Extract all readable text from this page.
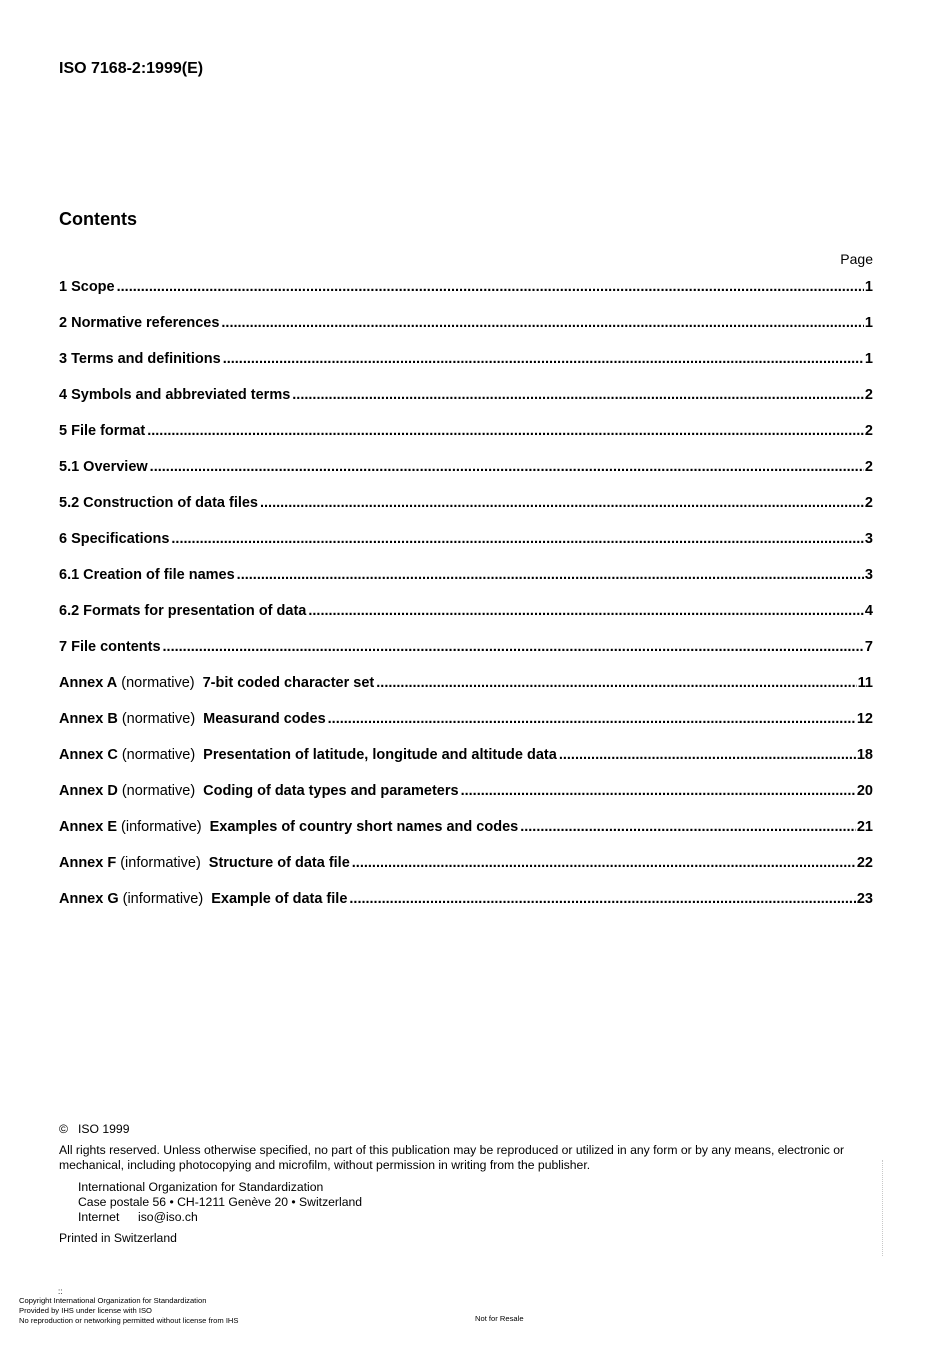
ISO 7168-2:1999(E)
Contents
Page
1 Scope .....	1
2 Normative references .....	1
3 Terms and definitions .....	1
4 Symbols and abbreviated terms .....	2
5 File format .....	2
5.1 Overview .....	2
5.2 Construction of data files .....	2
6 Specifications .....	3
6.1 Creation of file names .....	3
6.2 Formats for presentation of data .....	4
7 File contents .....	7
Annex A (normative) 7-bit coded character set .....	11
Annex B (normative) Measurand codes .....	12
Annex C (normative) Presentation of latitude, longitude and altitude data .....	18
Annex D (normative) Coding of data types and parameters .....	20
Annex E (informative) Examples of country short names and codes .....	21
Annex F (informative) Structure of data file .....	22
Annex G (informative) Example of data file .....	23
© ISO 1999
All rights reserved. Unless otherwise specified, no part of this publication may be reproduced or utilized in any form or by any means, electronic or mechanical, including photocopying and microfilm, without permission in writing from the publisher.
International Organization for Standardization
Case postale 56 • CH-1211 Genève 20 • Switzerland
Internet iso@iso.ch
Printed in Switzerland
::
Copyright International Organization for Standardization
Provided by IHS under license with ISO
No reproduction or networking permitted without license from IHS	Not for Resale
